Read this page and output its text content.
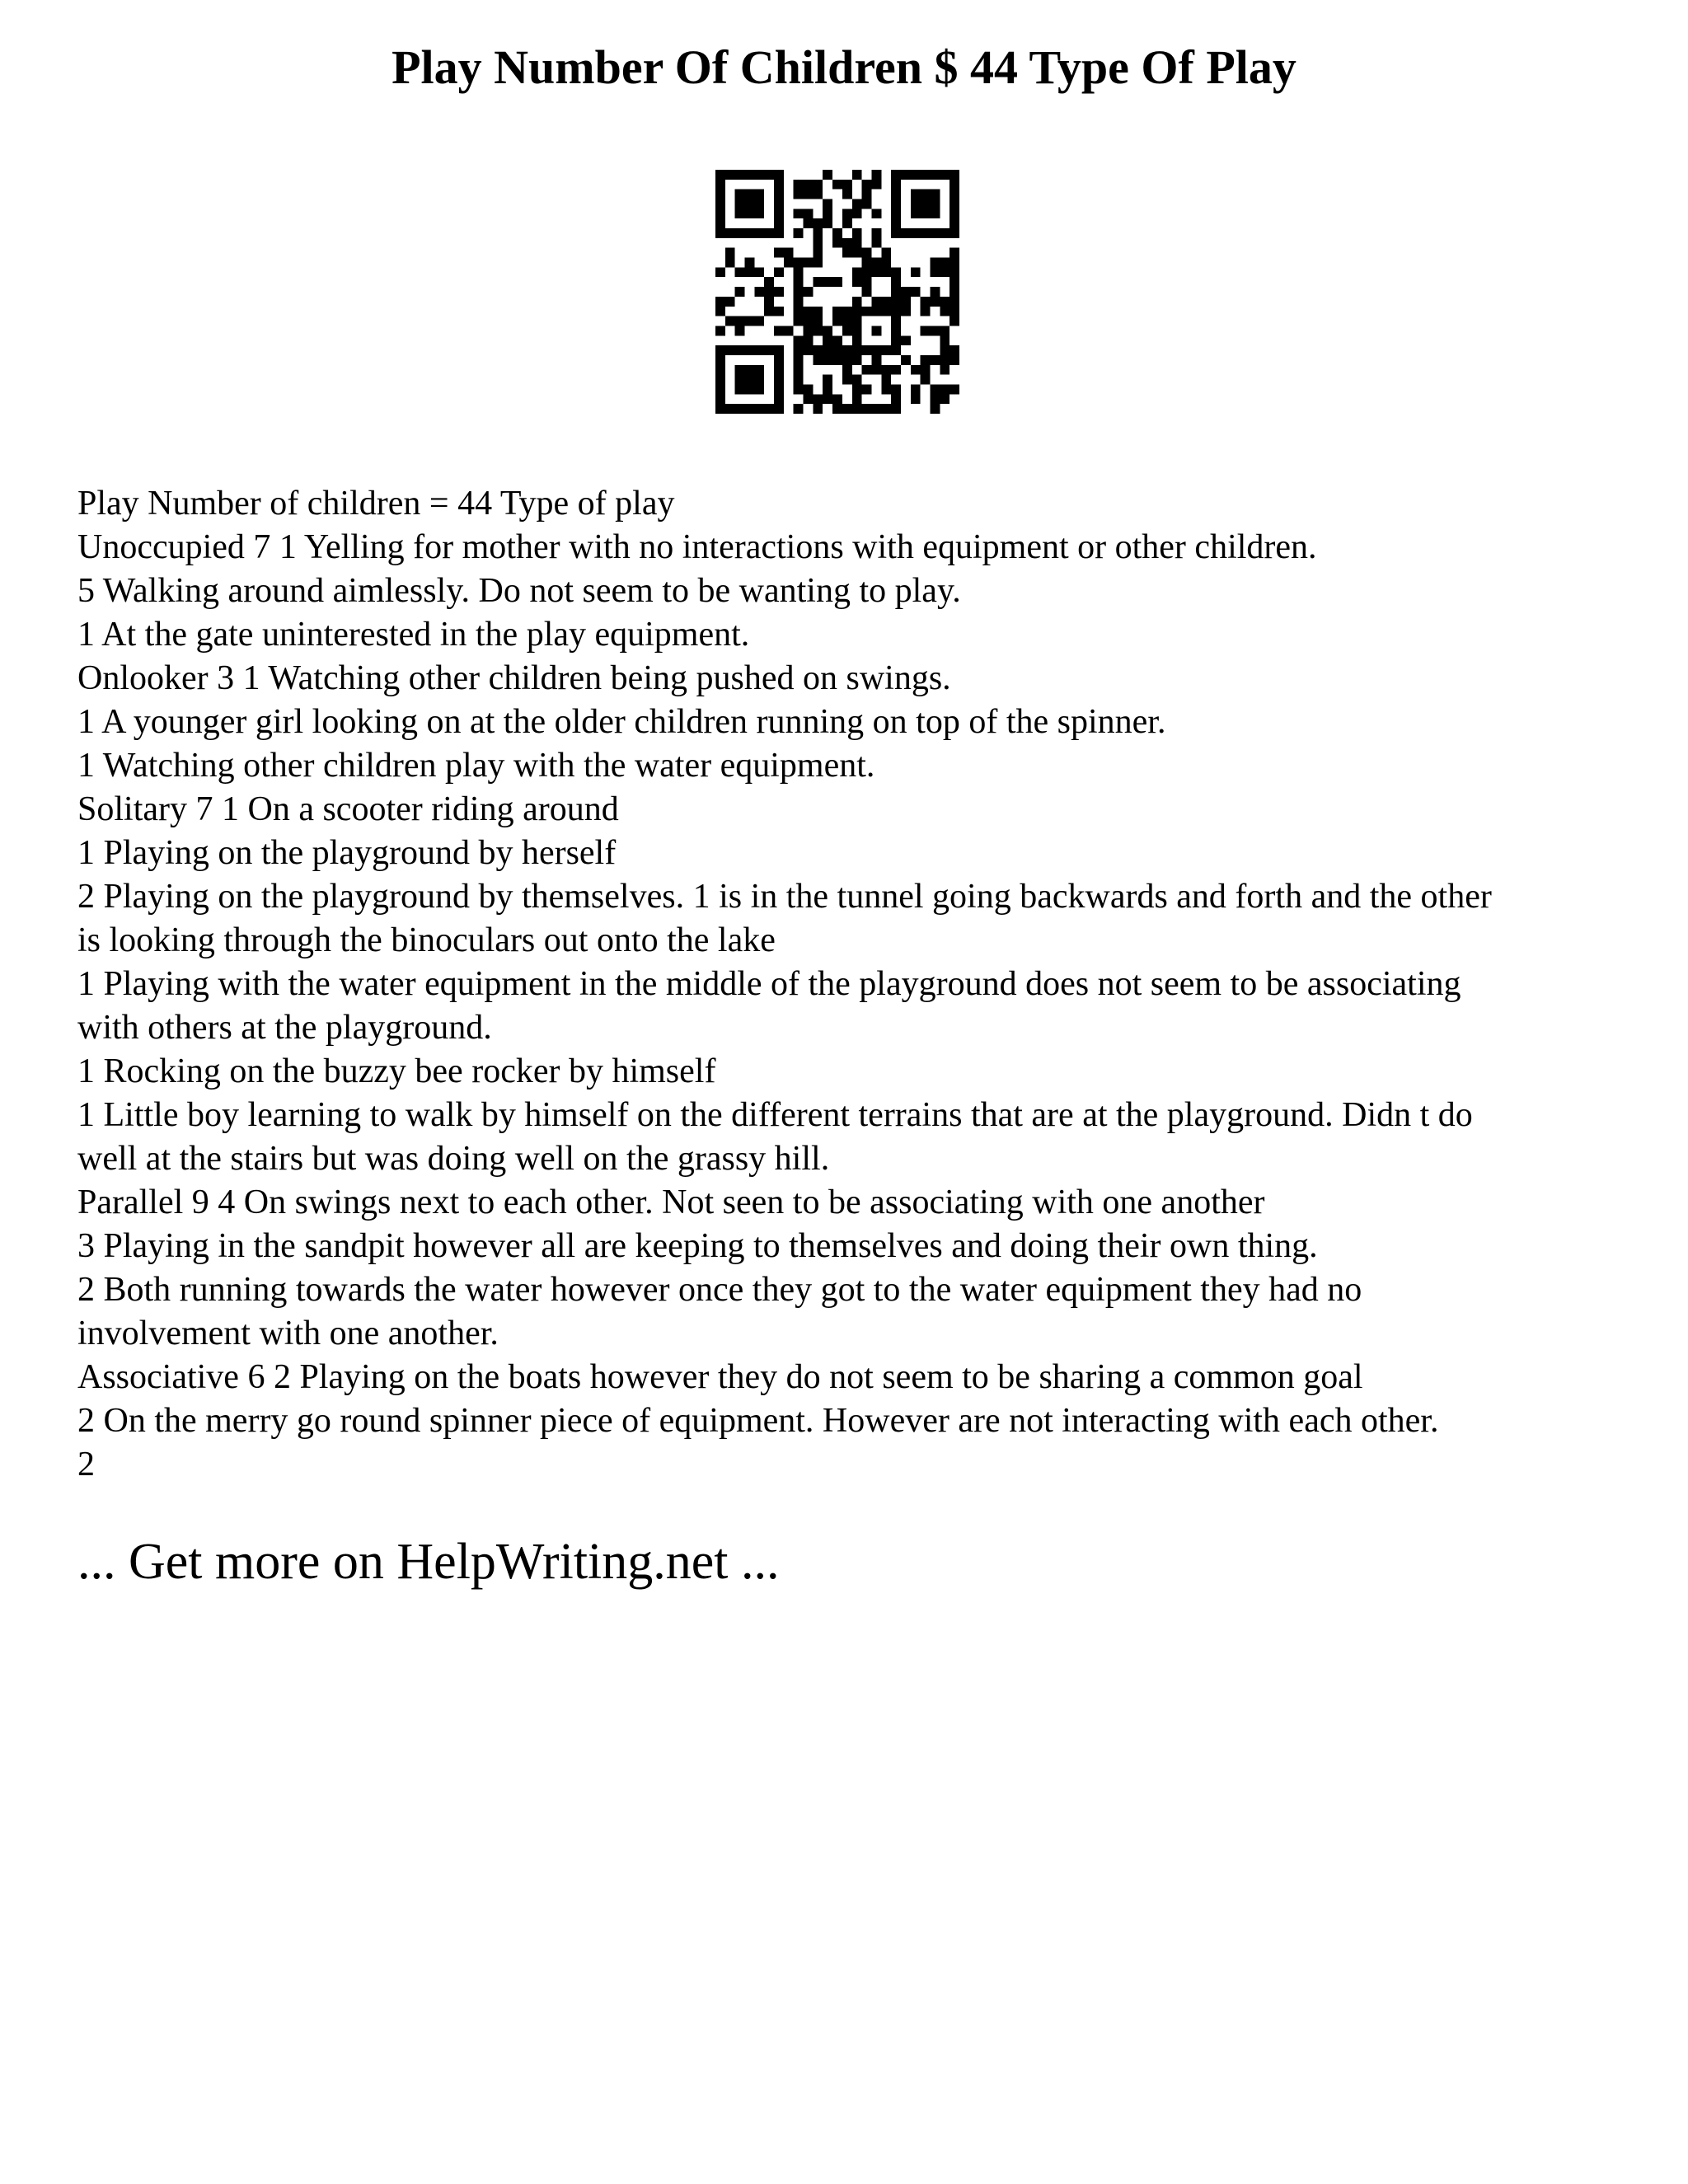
Play Number Of Children $ 44 Type Of Play
Play Number of children = 44 Type of play
Unoccupied 7 1 Yelling for mother with no interactions with equipment or other children.
5 Walking around aimlessly. Do not seem to be wanting to play.
1 At the gate uninterested in the play equipment.
Onlooker 3 1 Watching other children being pushed on swings.
1 A younger girl looking on at the older children running on top of the spinner.
1 Watching other children play with the water equipment.
Solitary 7 1 On a scooter riding around
1 Playing on the playground by herself
2 Playing on the playground by themselves. 1 is in the tunnel going backwards and forth and the other
is looking through the binoculars out onto the lake
1 Playing with the water equipment in the middle of the playground does not seem to be associating
with others at the playground.
1 Rocking on the buzzy bee rocker by himself
1 Little boy learning to walk by himself on the different terrains that are at the playground. Didn t do
well at the stairs but was doing well on the grassy hill.
Parallel 9 4 On swings next to each other. Not seen to be associating with one another
3 Playing in the sandpit however all are keeping to themselves and doing their own thing.
2 Both running towards the water however once they got to the water equipment they had no
involvement with one another.
Associative 6 2 Playing on the boats however they do not seem to be sharing a common goal
2 On the merry go round spinner piece of equipment. However are not interacting with each other.
2
... Get more on HelpWriting.net ...
